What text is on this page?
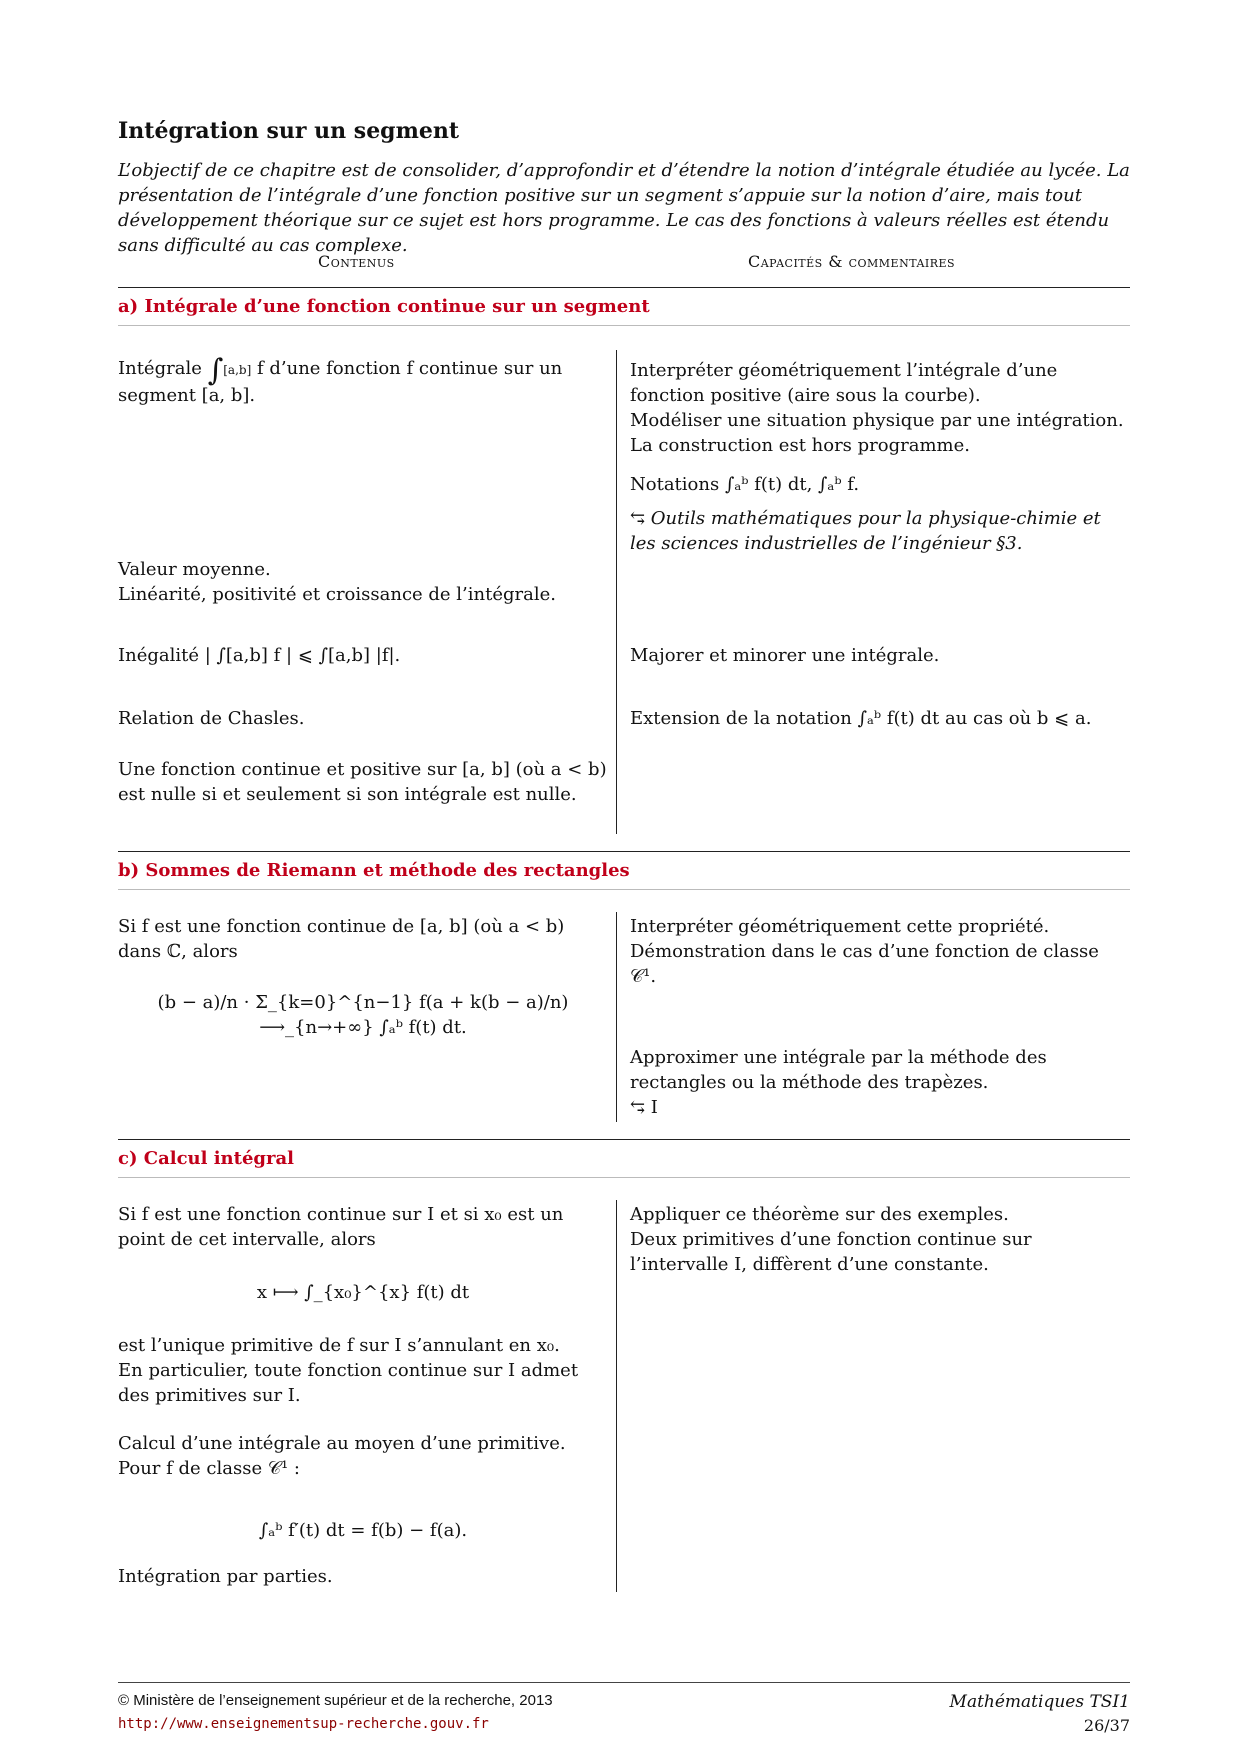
Intégration sur un segment
L’objectif de ce chapitre est de consolider, d’approfondir et d’étendre la notion d’intégrale étudiée au lycée. La présentation de l’intégrale d’une fonction positive sur un segment s’appuie sur la notion d’aire, mais tout développement théorique sur ce sujet est hors programme. Le cas des fonctions à valeurs réelles est étendu sans difficulté au cas complexe.
Contenus	Capacités & commentaires
a) Intégrale d’une fonction continue sur un segment
Intégrale ∫[a,b] f d’une fonction f continue sur un segment [a, b].
Valeur moyenne.
Linéarité, positivité et croissance de l’intégrale.
Inégalité | ∫[a,b] f | ⩽ ∫[a,b] |f|.
Relation de Chasles.
Une fonction continue et positive sur [a, b] (où a < b) est nulle si et seulement si son intégrale est nulle.
Interpréter géométriquement l’intégrale d’une fonction positive (aire sous la courbe).
Modéliser une situation physique par une intégration.
La construction est hors programme.
Notations ∫ₐᵇ f(t) dt, ∫ₐᵇ f.
⥃ Outils mathématiques pour la physique-chimie et les sciences industrielles de l’ingénieur §3.
Majorer et minorer une intégrale.
Extension de la notation ∫ₐᵇ f(t) dt au cas où b ⩽ a.
b) Sommes de Riemann et méthode des rectangles
Si f est une fonction continue de [a, b] (où a < b) dans ℂ, alors
(b − a)/n · Σ_{k=0}^{n−1} f(a + k(b − a)/n) ⟶_{n→+∞} ∫ₐᵇ f(t) dt.
Interpréter géométriquement cette propriété.
Démonstration dans le cas d’une fonction de classe 𝒞¹.
Approximer une intégrale par la méthode des rectangles ou la méthode des trapèzes.
⥃ I
c) Calcul intégral
Si f est une fonction continue sur I et si x₀ est un point de cet intervalle, alors
x ⟼ ∫_{x₀}^{x} f(t) dt
est l’unique primitive de f sur I s’annulant en x₀.
En particulier, toute fonction continue sur I admet des primitives sur I.
Calcul d’une intégrale au moyen d’une primitive. Pour f de classe 𝒞¹ :
∫ₐᵇ f′(t) dt = f(b) − f(a).
Intégration par parties.
Appliquer ce théorème sur des exemples.
Deux primitives d’une fonction continue sur l’intervalle I, diffèrent d’une constante.
© Ministère de l’enseignement supérieur et de la recherche, 2013
http://www.enseignementsup-recherche.gouv.fr
Mathématiques TSI1
26/37
